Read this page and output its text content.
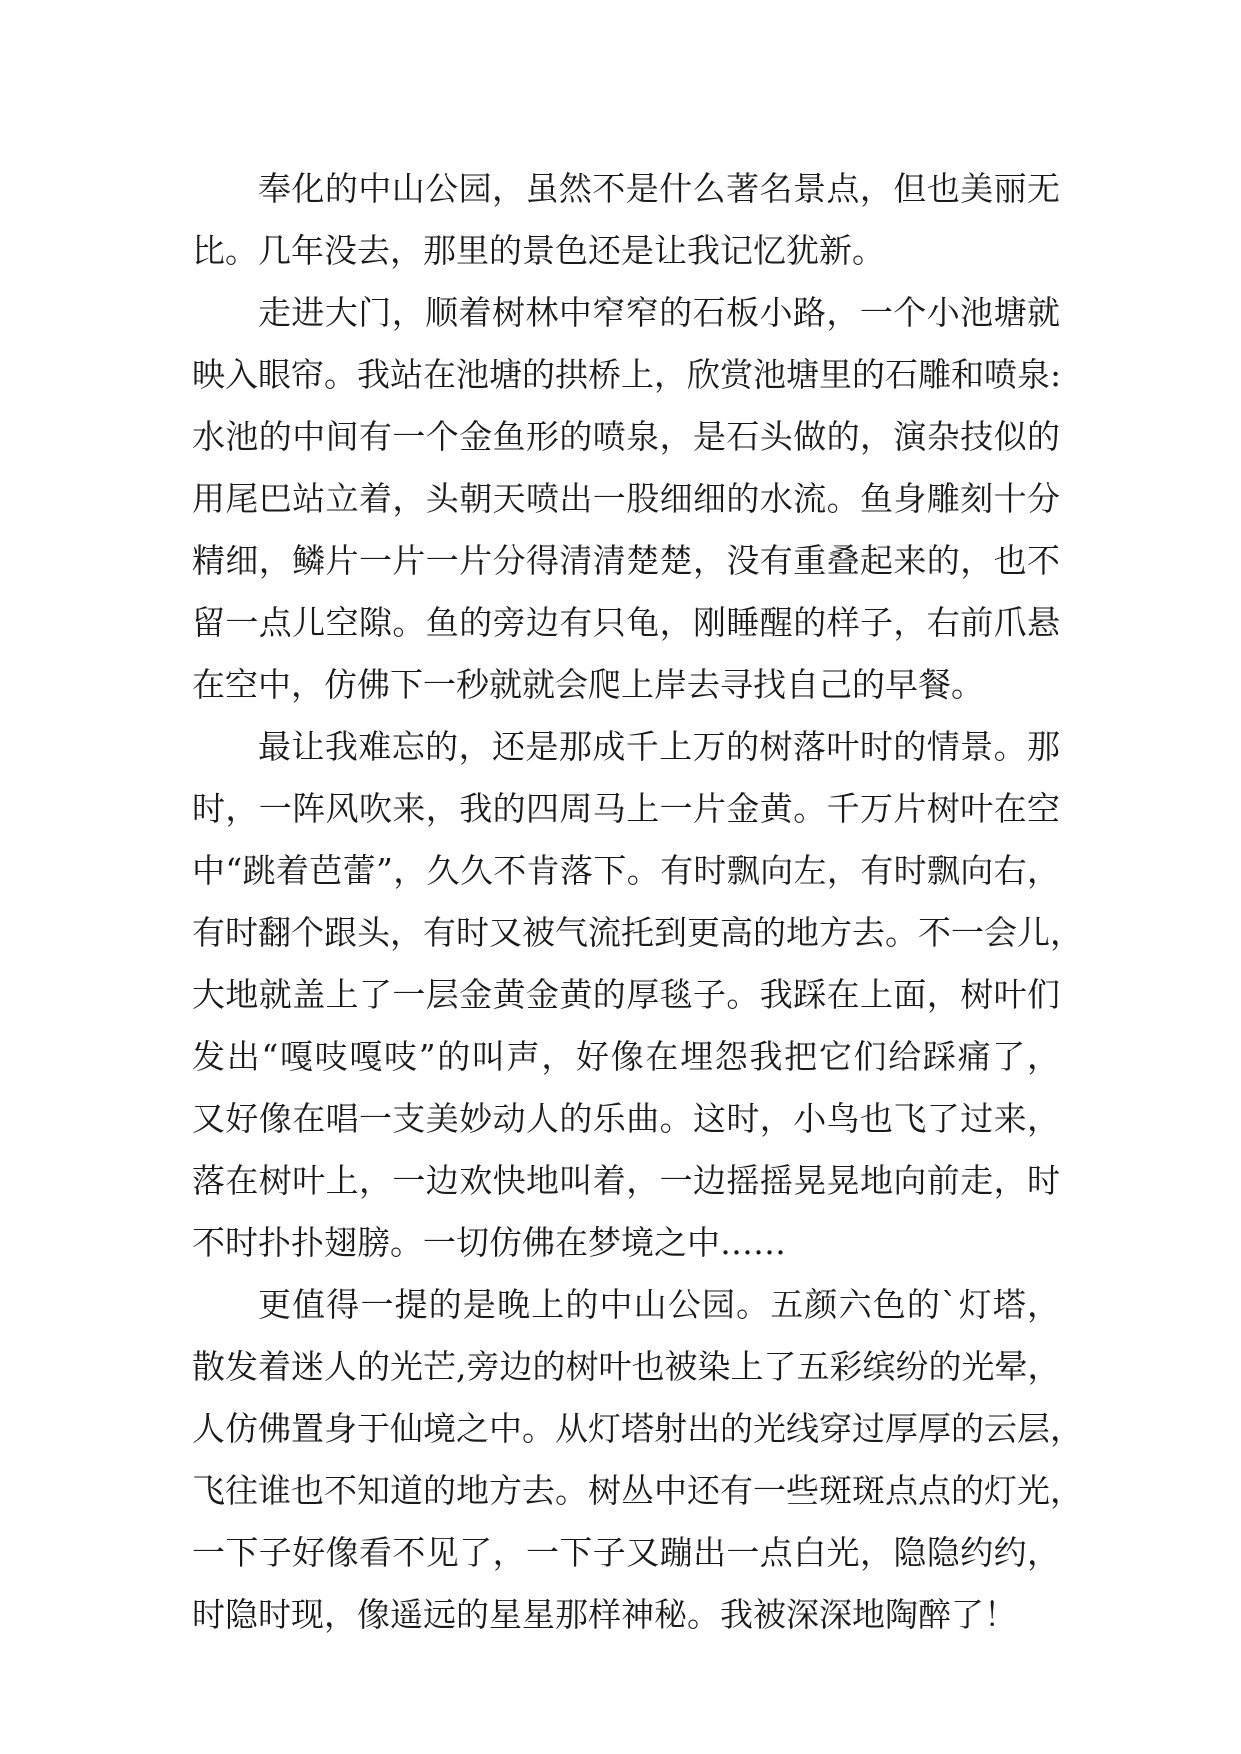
奉化的中山公园，虽然不是什么著名景点，但也美丽无
比。几年没去，那里的景色还是让我记忆犹新。
走进大门，顺着树林中窄窄的石板小路，一个小池塘就
映入眼帘。我站在池塘的拱桥上，欣赏池塘里的石雕和喷泉:
水池的中间有一个金鱼形的喷泉，是石头做的，演杂技似的
用尾巴站立着，头朝天喷出一股细细的水流。鱼身雕刻十分
精细，鳞片一片一片分得清清楚楚，没有重叠起来的，也不
留一点儿空隙。鱼的旁边有只龟，刚睡醒的样子，右前爪悬
在空中，仿佛下一秒就就会爬上岸去寻找自己的早餐。
最让我难忘的，还是那成千上万的树落叶时的情景。那
时，一阵风吹来，我的四周马上一片金黄。千万片树叶在空
中“跳着芭蕾”，久久不肯落下。有时飘向左，有时飘向右，
有时翻个跟头，有时又被气流托到更高的地方去。不一会儿，
大地就盖上了一层金黄金黄的厚毯子。我踩在上面，树叶们
发出“嘎吱嘎吱”的叫声，好像在埋怨我把它们给踩痛了，
又好像在唱一支美妙动人的乐曲。这时，小鸟也飞了过来，
落在树叶上，一边欢快地叫着，一边摇摇晃晃地向前走，时
不时扑扑翅膀。一切仿佛在梦境之中……
更值得一提的是晚上的中山公园。五颜六色的`灯塔，
散发着迷人的光芒,旁边的树叶也被染上了五彩缤纷的光晕，
人仿佛置身于仙境之中。从灯塔射出的光线穿过厚厚的云层，
飞往谁也不知道的地方去。树丛中还有一些斑斑点点的灯光，
一下子好像看不见了，一下子又蹦出一点白光，隐隐约约，
时隐时现，像遥远的星星那样神秘。我被深深地陶醉了！
